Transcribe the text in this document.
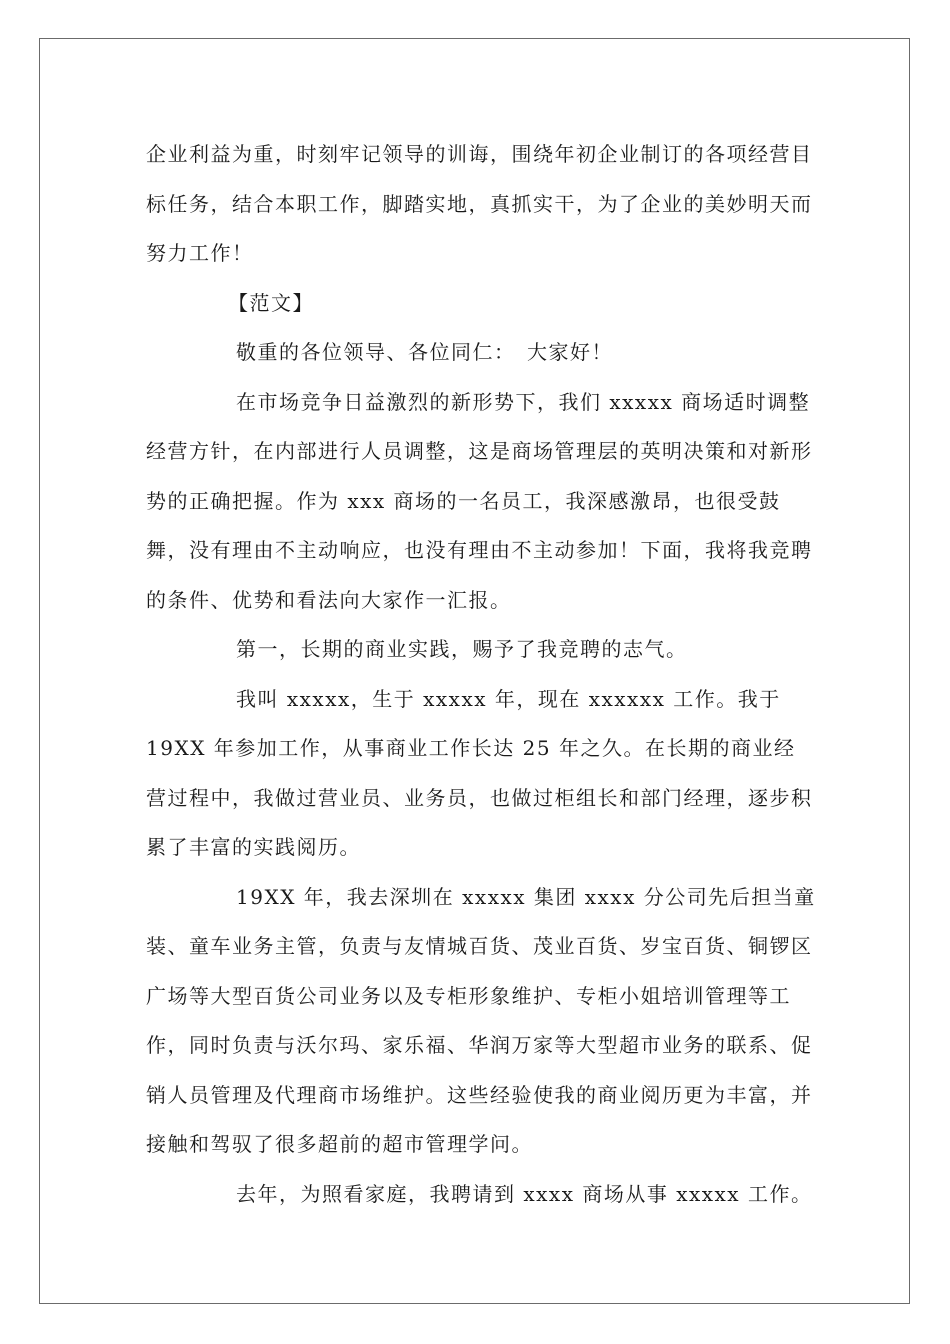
企业利益为重，时刻牢记领导的训诲，围绕年初企业制订的各项经营目标任务，结合本职工作，脚踏实地，真抓实干，为了企业的美妙明天而努力工作！

【范文】

敬重的各位领导、各位同仁：　大家好！

在市场竞争日益激烈的新形势下，我们 xxxxx 商场适时调整经营方针，在内部进行人员调整，这是商场管理层的英明决策和对新形势的正确把握。作为 xxx 商场的一名员工，我深感激昂，也很受鼓舞，没有理由不主动响应，也没有理由不主动参加！下面，我将我竞聘的条件、优势和看法向大家作一汇报。

第一，长期的商业实践，赐予了我竞聘的志气。

我叫 xxxxx，生于 xxxxx 年，现在 xxxxxx 工作。我于 19XX 年参加工作，从事商业工作长达 25 年之久。在长期的商业经营过程中，我做过营业员、业务员，也做过柜组长和部门经理，逐步积累了丰富的实践阅历。

19XX 年，我去深圳在 xxxxx 集团 xxxx 分公司先后担当童装、童车业务主管，负责与友情城百货、茂业百货、岁宝百货、铜锣区广场等大型百货公司业务以及专柜形象维护、专柜小姐培训管理等工作，同时负责与沃尔玛、家乐福、华润万家等大型超市业务的联系、促销人员管理及代理商市场维护。这些经验使我的商业阅历更为丰富，并接触和驾驭了很多超前的超市管理学问。

去年，为照看家庭，我聘请到 xxxx 商场从事 xxxxx 工作。
